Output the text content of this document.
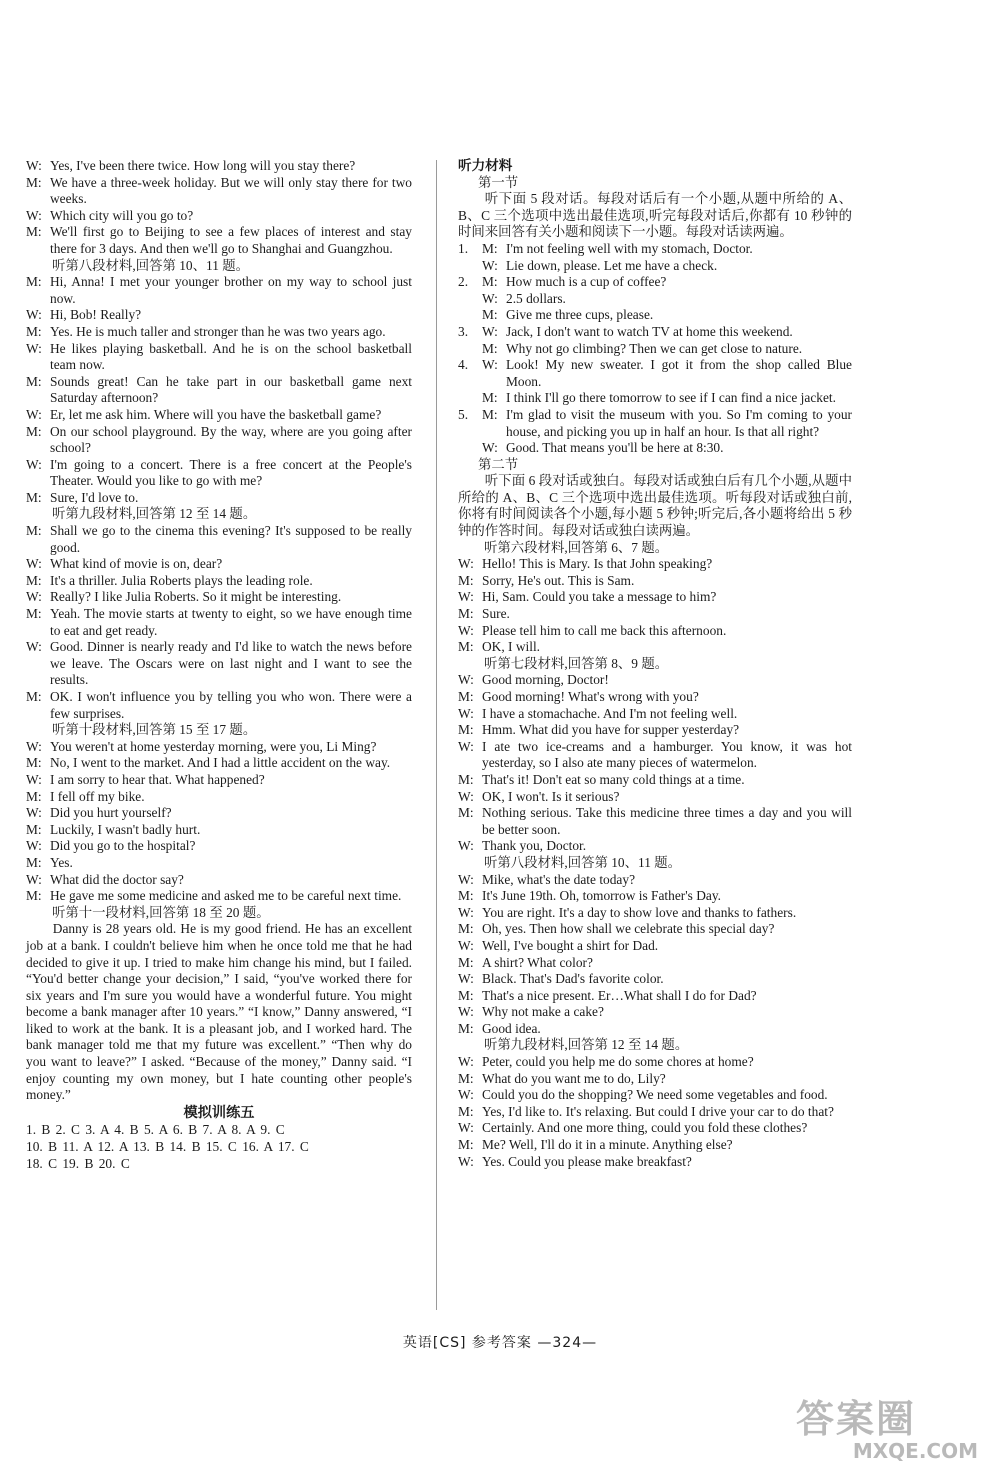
W: Yes, I've been there twice. How long will you stay there?
M: We have a three-week holiday. But we will only stay there for two weeks.
W: Which city will you go to?
M: We'll first go to Beijing to see a few places of interest and stay there for 3 days. And then we'll go to Shanghai and Guangzhou.
听第八段材料,回答第 10、11 题。
M: Hi, Anna! I met your younger brother on my way to school just now.
W: Hi, Bob! Really?
M: Yes. He is much taller and stronger than he was two years ago.
W: He likes playing basketball. And he is on the school basketball team now.
M: Sounds great! Can he take part in our basketball game next Saturday afternoon?
W: Er, let me ask him. Where will you have the basketball game?
M: On our school playground. By the way, where are you going after school?
W: I'm going to a concert. There is a free concert at the People's Theater. Would you like to go with me?
M: Sure, I'd love to.
听第九段材料,回答第 12 至 14 题。
M: Shall we go to the cinema this evening? It's supposed to be really good.
W: What kind of movie is on, dear?
M: It's a thriller. Julia Roberts plays the leading role.
W: Really? I like Julia Roberts. So it might be interesting.
M: Yeah. The movie starts at twenty to eight, so we have enough time to eat and get ready.
W: Good. Dinner is nearly ready and I'd like to watch the news before we leave. The Oscars were on last night and I want to see the results.
M: OK. I won't influence you by telling you who won. There were a few surprises.
听第十段材料,回答第 15 至 17 题。
W: You weren't at home yesterday morning, were you, Li Ming?
M: No, I went to the market. And I had a little accident on the way.
W: I am sorry to hear that. What happened?
M: I fell off my bike.
W: Did you hurt yourself?
M: Luckily, I wasn't badly hurt.
W: Did you go to the hospital?
M: Yes.
W: What did the doctor say?
M: He gave me some medicine and asked me to be careful next time.
听第十一段材料,回答第 18 至 20 题。
Danny is 28 years old. He is my good friend. He has an excellent job at a bank. I couldn't believe him when he once told me that he had decided to give it up. I tried to make him change his mind, but I failed. “You'd better change your decision,” I said, “you've worked there for six years and I'm sure you would have a wonderful future. You might become a bank manager after 10 years.” “I know,” Danny answered, “I liked to work at the bank. It is a pleasant job, and I worked hard. The bank manager told me that my future was excellent.” “Then why do you want to leave?” I asked. “Because of the money,” Danny said. “I enjoy counting my own money, but I hate counting other people's money.”
模拟训练五
1. B 2. C 3. A 4. B 5. A 6. B 7. A 8. A 9. C
10. B 11. A 12. A 13. B 14. B 15. C 16. A 17. C
18. C 19. B 20. C
听力材料
第一节
听下面 5 段对话。每段对话后有一个小题,从题中所给的 A、B、C 三个选项中选出最佳选项,听完每段对话后,你都有 10 秒钟的时间来回答有关小题和阅读下一小题。每段对话读两遍。
1.	M: I'm not feeling well with my stomach, Doctor.
W: Lie down, please. Let me have a check.
2.	M: How much is a cup of coffee?
W: 2.5 dollars.
M: Give me three cups, please.
3.	W: Jack, I don't want to watch TV at home this weekend.
M: Why not go climbing? Then we can get close to nature.
4.	W: Look! My new sweater. I got it from the shop called Blue Moon.
M: I think I'll go there tomorrow to see if I can find a nice jacket.
5.	M: I'm glad to visit the museum with you. So I'm coming to your house, and picking you up in half an hour. Is that all right?
W: Good. That means you'll be here at 8:30.
第二节
听下面 6 段对话或独白。每段对话或独白后有几个小题,从题中所给的 A、B、C 三个选项中选出最佳选项。听每段对话或独白前,你将有时间阅读各个小题,每小题 5 秒钟;听完后,各小题将给出 5 秒钟的作答时间。每段对话或独白读两遍。
听第六段材料,回答第 6、7 题。
W: Hello! This is Mary. Is that John speaking?
M: Sorry, He's out. This is Sam.
W: Hi, Sam. Could you take a message to him?
M: Sure.
W: Please tell him to call me back this afternoon.
M: OK, I will.
听第七段材料,回答第 8、9 题。
W: Good morning, Doctor!
M: Good morning! What's wrong with you?
W: I have a stomachache. And I'm not feeling well.
M: Hmm. What did you have for supper yesterday?
W: I ate two ice-creams and a hamburger. You know, it was hot yesterday, so I also ate many pieces of watermelon.
M: That's it! Don't eat so many cold things at a time.
W: OK, I won't. Is it serious?
M: Nothing serious. Take this medicine three times a day and you will be better soon.
W: Thank you, Doctor.
听第八段材料,回答第 10、11 题。
W: Mike, what's the date today?
M: It's June 19th. Oh, tomorrow is Father's Day.
W: You are right. It's a day to show love and thanks to fathers.
M: Oh, yes. Then how shall we celebrate this special day?
W: Well, I've bought a shirt for Dad.
M: A shirt? What color?
W: Black. That's Dad's favorite color.
M: That's a nice present. Er…What shall I do for Dad?
W: Why not make a cake?
M: Good idea.
听第九段材料,回答第 12 至 14 题。
W: Peter, could you help me do some chores at home?
M: What do you want me to do, Lily?
W: Could you do the shopping? We need some vegetables and food.
M: Yes, I'd like to. It's relaxing. But could I drive your car to do that?
W: Certainly. And one more thing, could you fold these clothes?
M: Me? Well, I'll do it in a minute. Anything else?
W: Yes. Could you please make breakfast?
英语[CS] 参考答案 —324—
答案圈
MXQE.COM
